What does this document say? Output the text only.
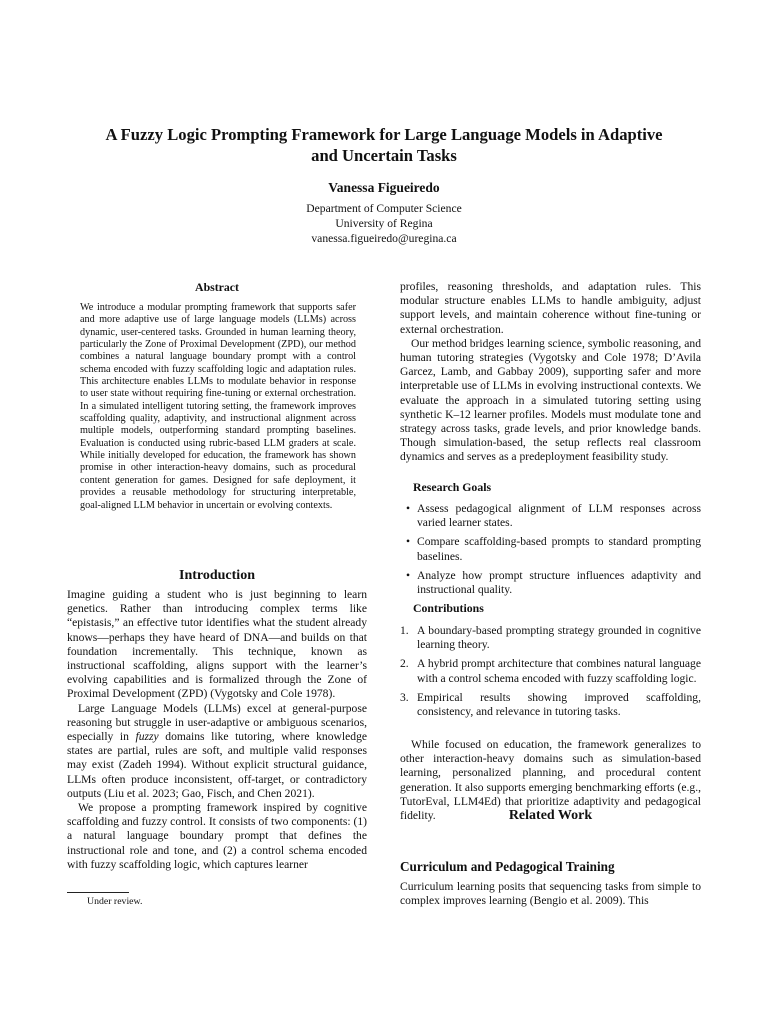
A Fuzzy Logic Prompting Framework for Large Language Models in Adaptive
and Uncertain Tasks
Vanessa Figueiredo
Department of Computer Science
University of Regina
vanessa.figueiredo@uregina.ca
Abstract
We introduce a modular prompting framework that supports safer and more adaptive use of large language models (LLMs) across dynamic, user-centered tasks. Grounded in human learning theory, particularly the Zone of Proximal Development (ZPD), our method combines a natural language boundary prompt with a control schema encoded with fuzzy scaffolding logic and adaptation rules. This architecture enables LLMs to modulate behavior in response to user state without requiring fine-tuning or external orchestration. In a simulated intelligent tutoring setting, the framework improves scaffolding quality, adaptivity, and instructional alignment across multiple models, outperforming standard prompting baselines. Evaluation is conducted using rubric-based LLM graders at scale. While initially developed for education, the framework has shown promise in other interaction-heavy domains, such as procedural content generation for games. Designed for safe deployment, it provides a reusable methodology for structuring interpretable, goal-aligned LLM behavior in uncertain or evolving contexts.
Introduction

Imagine guiding a student who is just beginning to learn genetics. Rather than introducing complex terms like “epistasis,” an effective tutor identifies what the student already knows—perhaps they have heard of DNA—and builds on that foundation incrementally. This technique, known as instructional scaffolding, aligns support with the learner’s evolving capabilities and is formalized through the Zone of Proximal Development (ZPD) (Vygotsky and Cole 1978).

Large Language Models (LLMs) excel at general-purpose reasoning but struggle in user-adaptive or ambiguous scenarios, especially in fuzzy domains like tutoring, where knowledge states are partial, rules are soft, and multiple valid responses may exist (Zadeh 1994). Without explicit structural guidance, LLMs often produce inconsistent, off-target, or contradictory outputs (Liu et al. 2023; Gao, Fisch, and Chen 2021).

We propose a prompting framework inspired by cognitive scaffolding and fuzzy control. It consists of two components: (1) a natural language boundary prompt that defines the instructional role and tone, and (2) a control schema encoded with fuzzy scaffolding logic, which captures learner

Under review.

profiles, reasoning thresholds, and adaptation rules. This modular structure enables LLMs to handle ambiguity, adjust support levels, and maintain coherence without fine-tuning or external orchestration.

Our method bridges learning science, symbolic reasoning, and human tutoring strategies (Vygotsky and Cole 1978; D’Avila Garcez, Lamb, and Gabbay 2009), supporting safer and more interpretable use of LLMs in evolving instructional contexts. We evaluate the approach in a simulated tutoring setting using synthetic K–12 learner profiles. Models must modulate tone and strategy across tasks, grade levels, and prior knowledge bands. Though simulation-based, the setup reflects real classroom dynamics and serves as a predeployment feasibility study.

Research Goals
• Assess pedagogical alignment of LLM responses across varied learner states.
• Compare scaffolding-based prompts to standard prompting baselines.
• Analyze how prompt structure influences adaptivity and instructional quality.
Contributions
1. A boundary-based prompting strategy grounded in cognitive learning theory.
2. A hybrid prompt architecture that combines natural language with a control schema encoded with fuzzy scaffolding logic.
3. Empirical results showing improved scaffolding, consistency, and relevance in tutoring tasks.
While focused on education, the framework generalizes to other interaction-heavy domains such as simulation-based learning, personalized planning, and procedural content generation. It also supports emerging benchmarking efforts (e.g., TutorEval, LLM4Ed) that prioritize adaptivity and pedagogical fidelity.	Related Work
Curriculum and Pedagogical Training
Curriculum learning posits that sequencing tasks from simple to complex improves learning (Bengio et al. 2009). This
